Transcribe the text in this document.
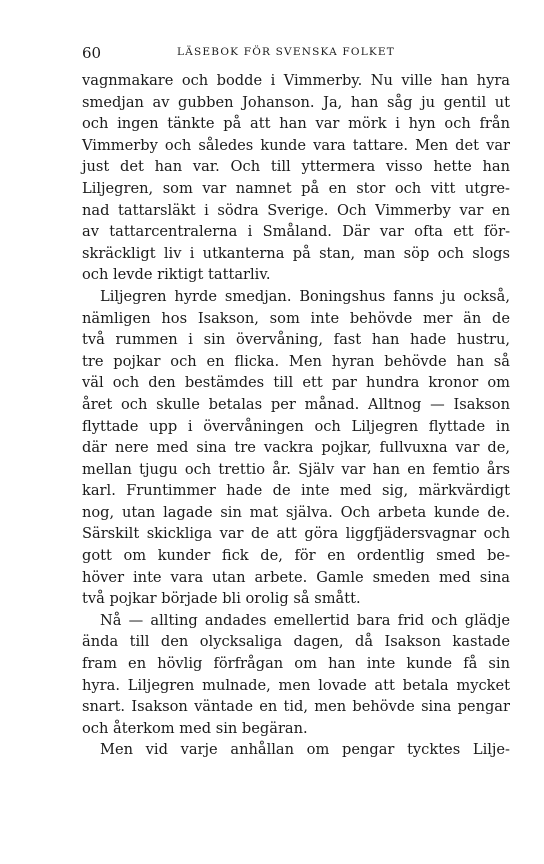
60	LÄSEBOK FÖR SVENSKA FOLKET
vagnmakare och bodde i Vimmerby. Nu ville han hyra
smedjan av gubben Johanson. Ja, han såg ju gentil ut
och ingen tänkte på att han var mörk i hyn och från
Vimmerby och således kunde vara tattare. Men det var
just det han var. Och till yttermera visso hette han
Liljegren, som var namnet på en stor och vitt utgre-
nad tattarsläkt i södra Sverige. Och Vimmerby var en
av tattarcentralerna i Småland. Där var ofta ett för-
skräckligt liv i utkanterna på stan, man söp och slogs
och levde riktigt tattarliv.
Liljegren hyrde smedjan. Boningshus fanns ju också,
nämligen hos Isakson, som inte behövde mer än de
två rummen i sin övervåning, fast han hade hustru,
tre pojkar och en flicka. Men hyran behövde han så
väl och den bestämdes till ett par hundra kronor om
året och skulle betalas per månad. Alltnog — Isakson
flyttade upp i övervåningen och Liljegren flyttade in
där nere med sina tre vackra pojkar, fullvuxna var de,
mellan tjugu och trettio år. Själv var han en femtio års
karl. Fruntimmer hade de inte med sig, märkvärdigt
nog, utan lagade sin mat själva. Och arbeta kunde de.
Särskilt skickliga var de att göra liggfjädersvagnar och
gott om kunder fick de, för en ordentlig smed be-
höver inte vara utan arbete. Gamle smeden med sina
två pojkar började bli orolig så smått.
Nå — allting andades emellertid bara frid och glädje
ända till den olycksaliga dagen, då Isakson kastade
fram en hövlig förfrågan om han inte kunde få sin
hyra. Liljegren mulnade, men lovade att betala mycket
snart. Isakson väntade en tid, men behövde sina pengar
och återkom med sin begäran.
Men vid varje anhållan om pengar tycktes Lilje-
